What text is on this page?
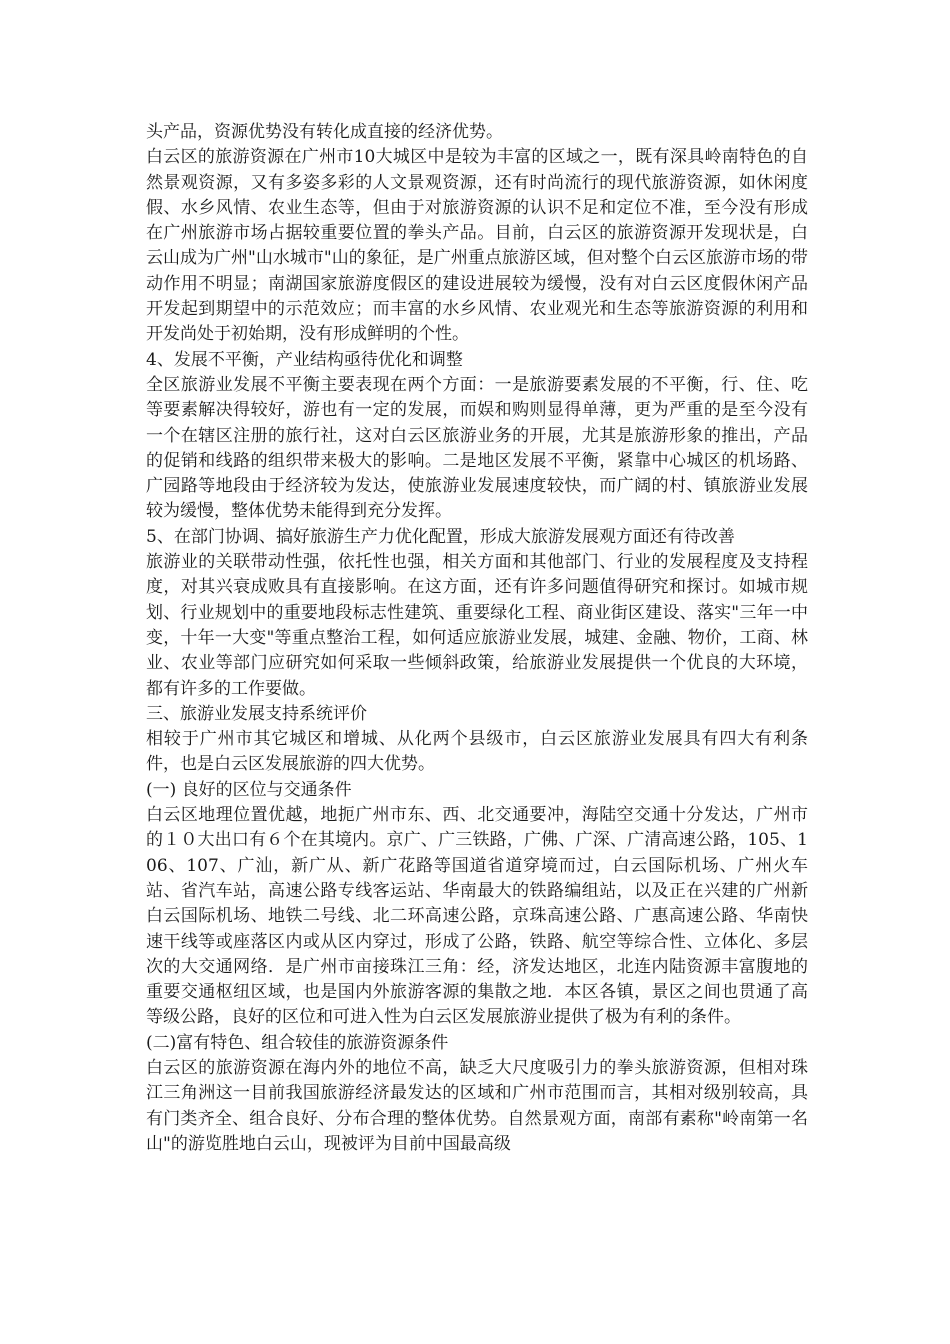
头产品，资源优势没有转化成直接的经济优势。

白云区的旅游资源在广州市10大城区中是较为丰富的区域之一，既有深具岭南特色的自然景观资源，又有多姿多彩的人文景观资源，还有时尚流行的现代旅游资源，如休闲度假、水乡风情、农业生态等，但由于对旅游资源的认识不足和定位不准，至今没有形成在广州旅游市场占据较重要位置的拳头产品。目前，白云区的旅游资源开发现状是，白云山成为广州"山水城市"山的象征，是广州重点旅游区域，但对整个白云区旅游市场的带动作用不明显；南湖国家旅游度假区的建设进展较为缓慢，没有对白云区度假休闲产品开发起到期望中的示范效应；而丰富的水乡风情、农业观光和生态等旅游资源的利用和开发尚处于初始期，没有形成鲜明的个性。

4、发展不平衡，产业结构亟待优化和调整

全区旅游业发展不平衡主要表现在两个方面：一是旅游要素发展的不平衡，行、住、吃等要素解决得较好，游也有一定的发展，而娱和购则显得单薄，更为严重的是至今没有一个在辖区注册的旅行社，这对白云区旅游业务的开展，尤其是旅游形象的推出，产品的促销和线路的组织带来极大的影响。二是地区发展不平衡，紧靠中心城区的机场路、广园路等地段由于经济较为发达，使旅游业发展速度较快，而广阔的村、镇旅游业发展较为缓慢，整体优势未能得到充分发挥。

5、在部门协调、搞好旅游生产力优化配置，形成大旅游发展观方面还有待改善

旅游业的关联带动性强，依托性也强，相关方面和其他部门、行业的发展程度及支持程度，对其兴衰成败具有直接影响。在这方面，还有许多问题值得研究和探讨。如城市规划、行业规划中的重要地段标志性建筑、重要绿化工程、商业街区建设、落实"三年一中变，十年一大变"等重点整治工程，如何适应旅游业发展，城建、金融、物价，工商、林业、农业等部门应研究如何采取一些倾斜政策，给旅游业发展提供一个优良的大环境，都有许多的工作要做。

三、旅游业发展支持系统评价

相较于广州市其它城区和增城、从化两个县级市，白云区旅游业发展具有四大有利条件，也是白云区发展旅游的四大优势。

(一) 良好的区位与交通条件

白云区地理位置优越，地扼广州市东、西、北交通要冲，海陆空交通十分发达，广州市的１０大出口有６个在其境内。京广、广三铁路，广佛、广深、广清高速公路，105、106、107、广汕，新广从、新广花路等国道省道穿境而过，白云国际机场、广州火车站、省汽车站，高速公路专线客运站、华南最大的铁路编组站，以及正在兴建的广州新白云国际机场、地铁二号线、北二环高速公路，京珠高速公路、广惠高速公路、华南快速干线等或座落区内或从区内穿过，形成了公路，铁路、航空等综合性、立体化、多层次的大交通网络．是广州市亩接珠江三角：经，济发达地区，北连内陆资源丰富腹地的重要交通枢纽区域，也是国内外旅游客源的集散之地．本区各镇，景区之间也贯通了高等级公路，良好的区位和可进入性为白云区发展旅游业提供了极为有利的条件。

(二)富有特色、组合较佳的旅游资源条件

白云区的旅游资源在海内外的地位不高，缺乏大尺度吸引力的拳头旅游资源，但相对珠江三角洲这一目前我国旅游经济最发达的区域和广州市范围而言，其相对级别较高，具有门类齐全、组合良好、分布合理的整体优势。自然景观方面，南部有素称"岭南第一名山"的游览胜地白云山，现被评为目前中国最高级
